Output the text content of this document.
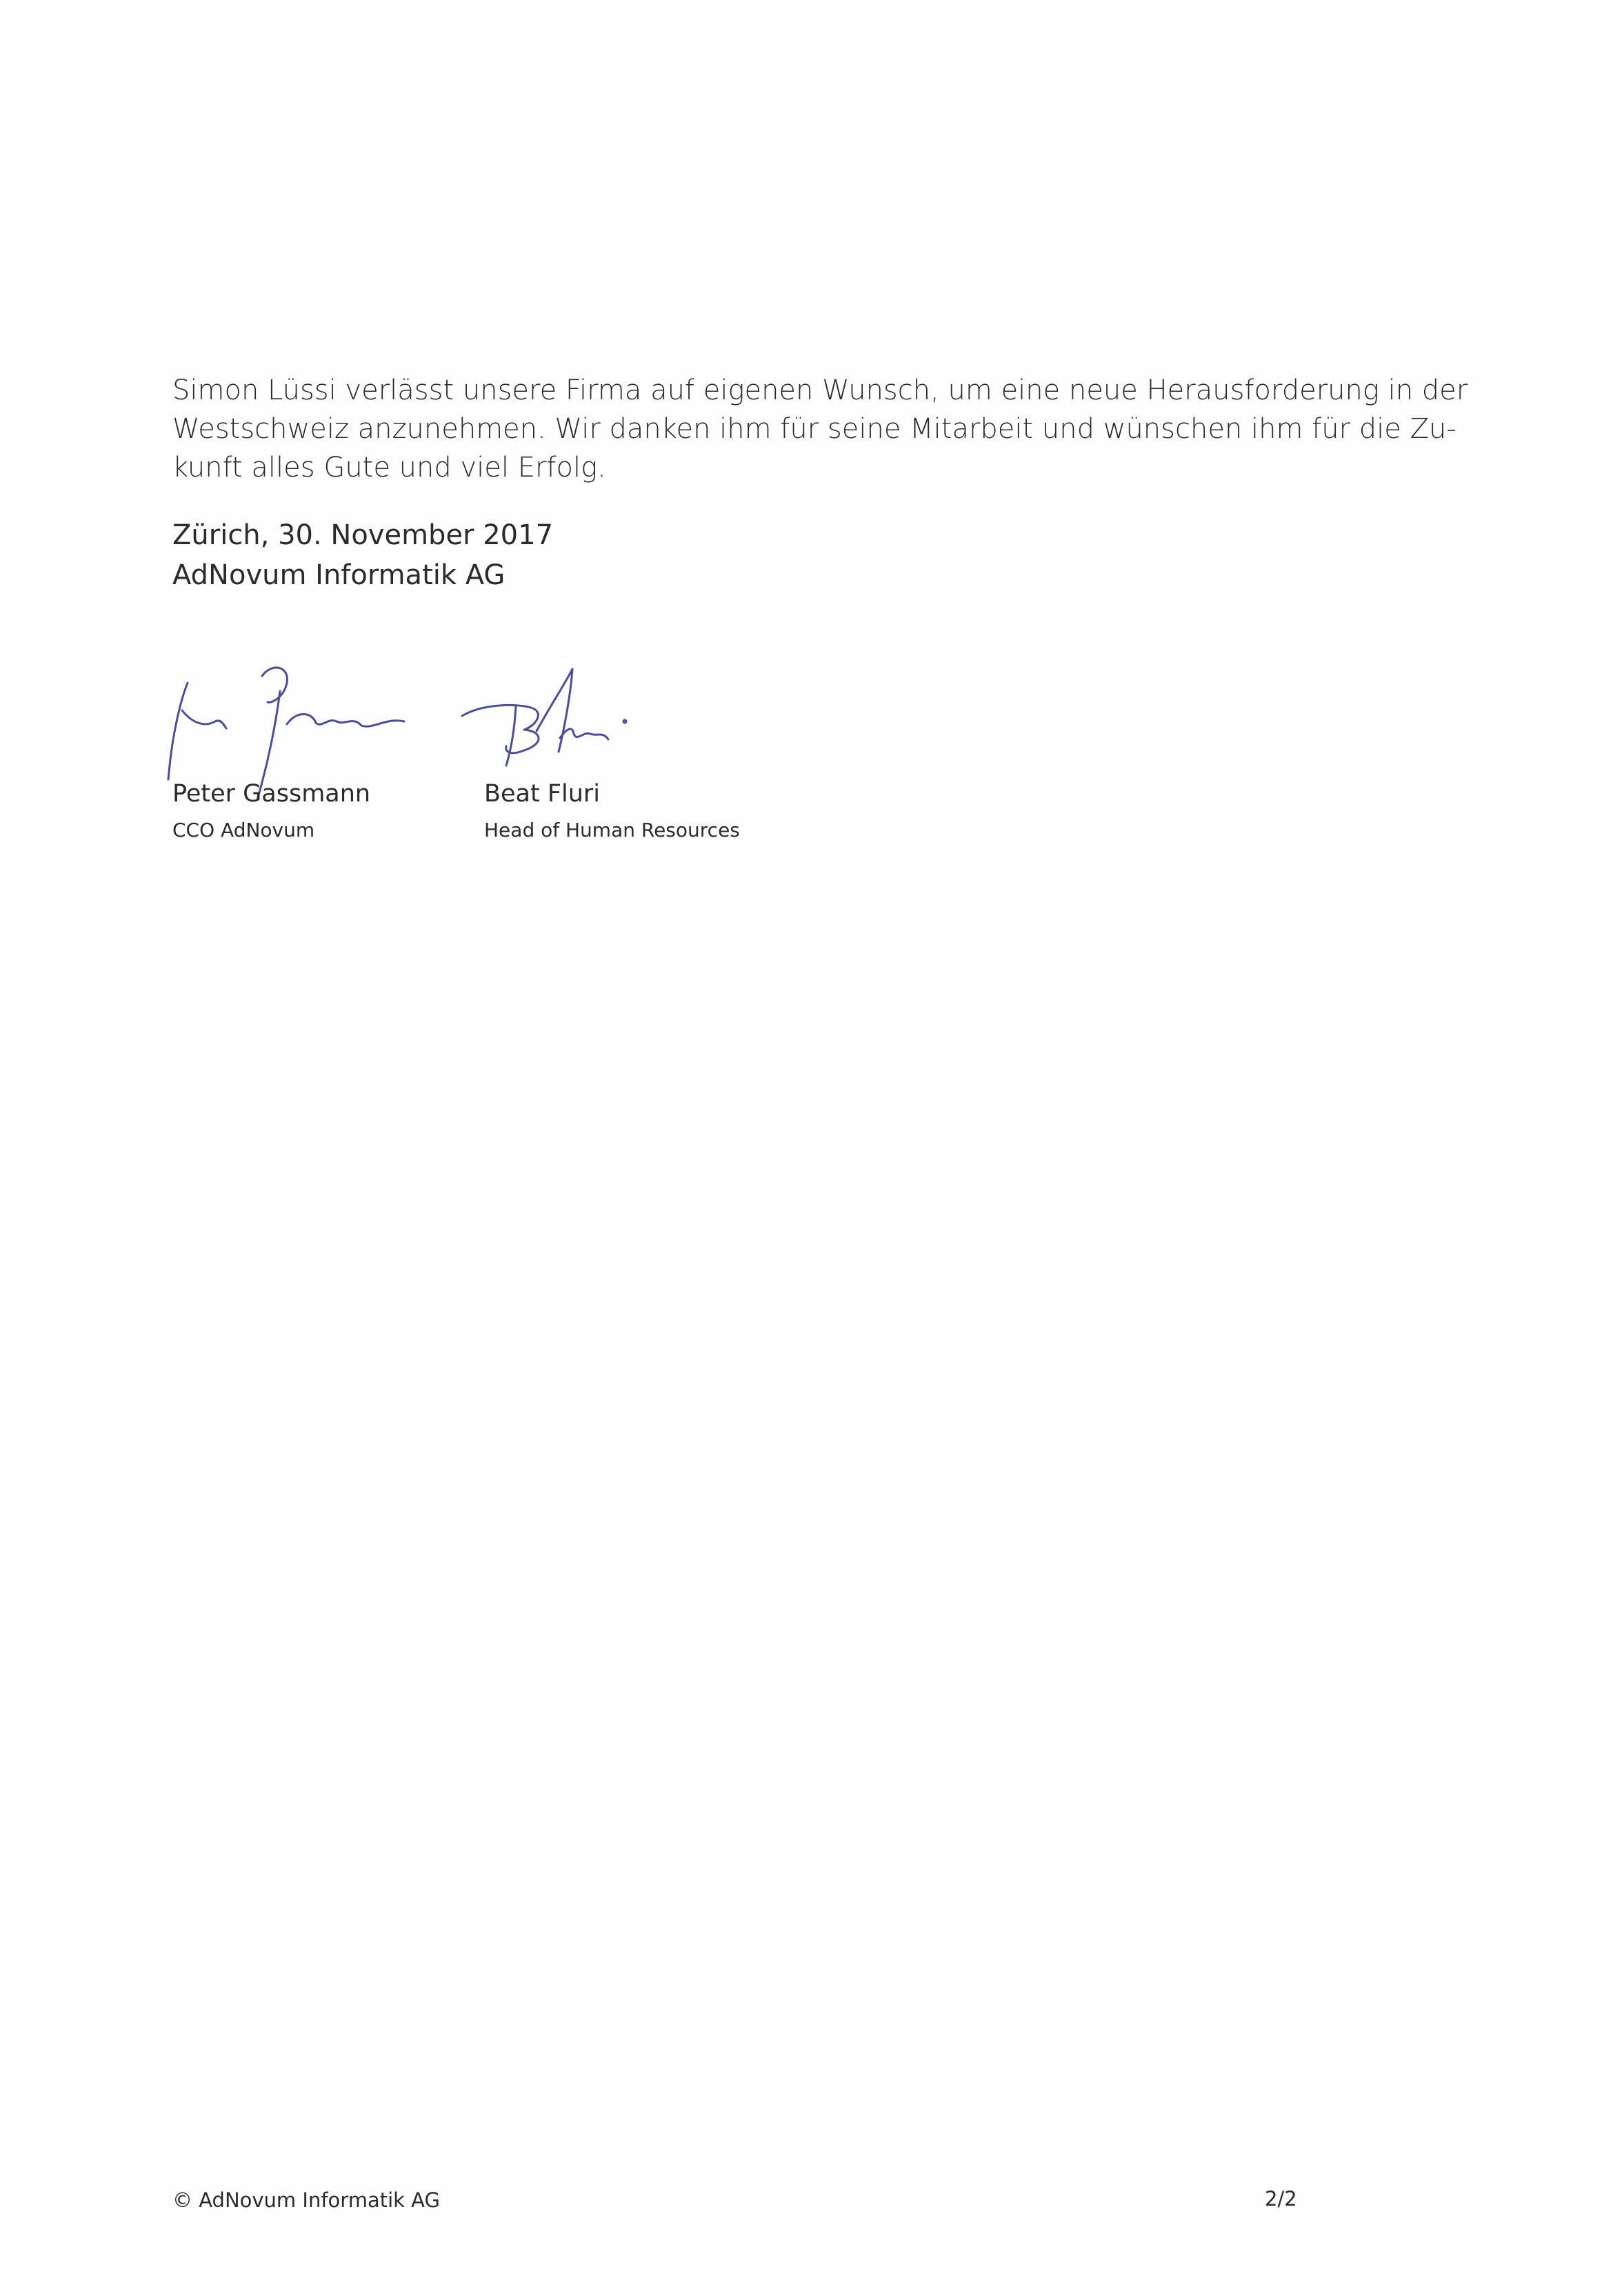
Simon Lüssi verlässt unsere Firma auf eigenen Wunsch, um eine neue Herausforderung in der
Westschweiz anzunehmen. Wir danken ihm für seine Mitarbeit und wünschen ihm für die Zu-
kunft alles Gute und viel Erfolg.

Zürich, 30. November 2017

AdNovum Informatik AG

Peter Gassmann
CCO AdNovum
Beat Fluri
Head of Human Resources
© AdNovum Informatik AG	2/2
